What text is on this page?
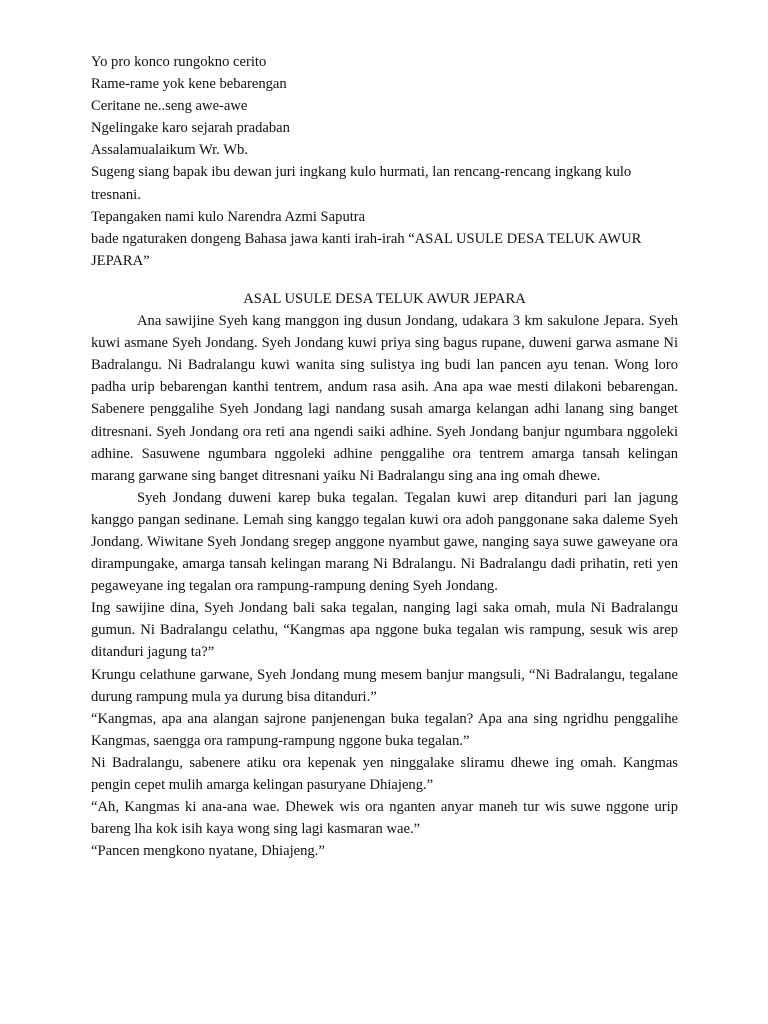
Yo pro konco rungokno cerito
Rame-rame yok kene bebarengan
Ceritane ne..seng awe-awe
Ngelingake karo sejarah pradaban
Assalamualaikum Wr. Wb.
Sugeng siang bapak ibu dewan juri ingkang kulo hurmati, lan rencang-rencang ingkang kulo tresnani.
Tepangaken nami kulo Narendra Azmi Saputra
bade ngaturaken dongeng Bahasa jawa kanti irah-irah “ASAL USULE DESA TELUK AWUR JEPARA”
ASAL USULE DESA TELUK AWUR JEPARA
Ana sawijine Syeh kang manggon ing dusun Jondang, udakara 3 km sakulone Jepara. Syeh kuwi asmane Syeh Jondang. Syeh Jondang kuwi priya sing bagus rupane, duweni garwa asmane Ni Badralangu. Ni Badralangu kuwi wanita sing sulistya ing budi lan pancen ayu tenan. Wong loro padha urip bebarengan kanthi tentrem, andum rasa asih. Ana apa wae mesti dilakoni bebarengan. Sabenere penggalihe Syeh Jondang lagi nandang susah amarga kelangan adhi lanang sing banget ditresnani. Syeh Jondang ora reti ana ngendi saiki adhine. Syeh Jondang banjur ngumbara nggoleki adhine. Sasuwene ngumbara nggoleki adhine penggalihe ora tentrem amarga tansah kelingan marang garwane sing banget ditresnani yaiku Ni Badralangu sing ana ing omah dhewe.
Syeh Jondang duweni karep buka tegalan. Tegalan kuwi arep ditanduri pari lan jagung kanggo pangan sedinane. Lemah sing kanggo tegalan kuwi ora adoh panggonane saka daleme Syeh Jondang. Wiwitane Syeh Jondang sregep anggone nyambut gawe, nanging saya suwe gaweyane ora dirampungake, amarga tansah kelingan marang Ni Bdralangu. Ni Badralangu dadi prihatin, reti yen pegaweyane ing tegalan ora rampung-rampung dening Syeh Jondang.
Ing sawijine dina, Syeh Jondang bali saka tegalan, nanging lagi saka omah, mula Ni Badralangu gumun. Ni Badralangu celathu, “Kangmas apa nggone buka tegalan wis rampung, sesuk wis arep ditanduri jagung ta?”
Krungu celathune garwane, Syeh Jondang mung mesem banjur mangsuli, “Ni Badralangu, tegalane durung rampung mula ya durung bisa ditanduri.”
“Kangmas, apa ana alangan sajrone panjenengan buka tegalan? Apa ana sing ngridhu penggalihe Kangmas, saengga ora rampung-rampung nggone buka tegalan.”
Ni Badralangu, sabenere atiku ora kepenak yen ninggalake sliramu dhewe ing omah. Kangmas pengin cepet mulih amarga kelingan pasuryane Dhiajeng.”
“Ah, Kangmas ki ana-ana wae. Dhewek wis ora nganten anyar maneh tur wis suwe nggone urip bareng lha kok isih kaya wong sing lagi kasmaran wae.”
“Pancen mengkono nyatane, Dhiajeng.”
